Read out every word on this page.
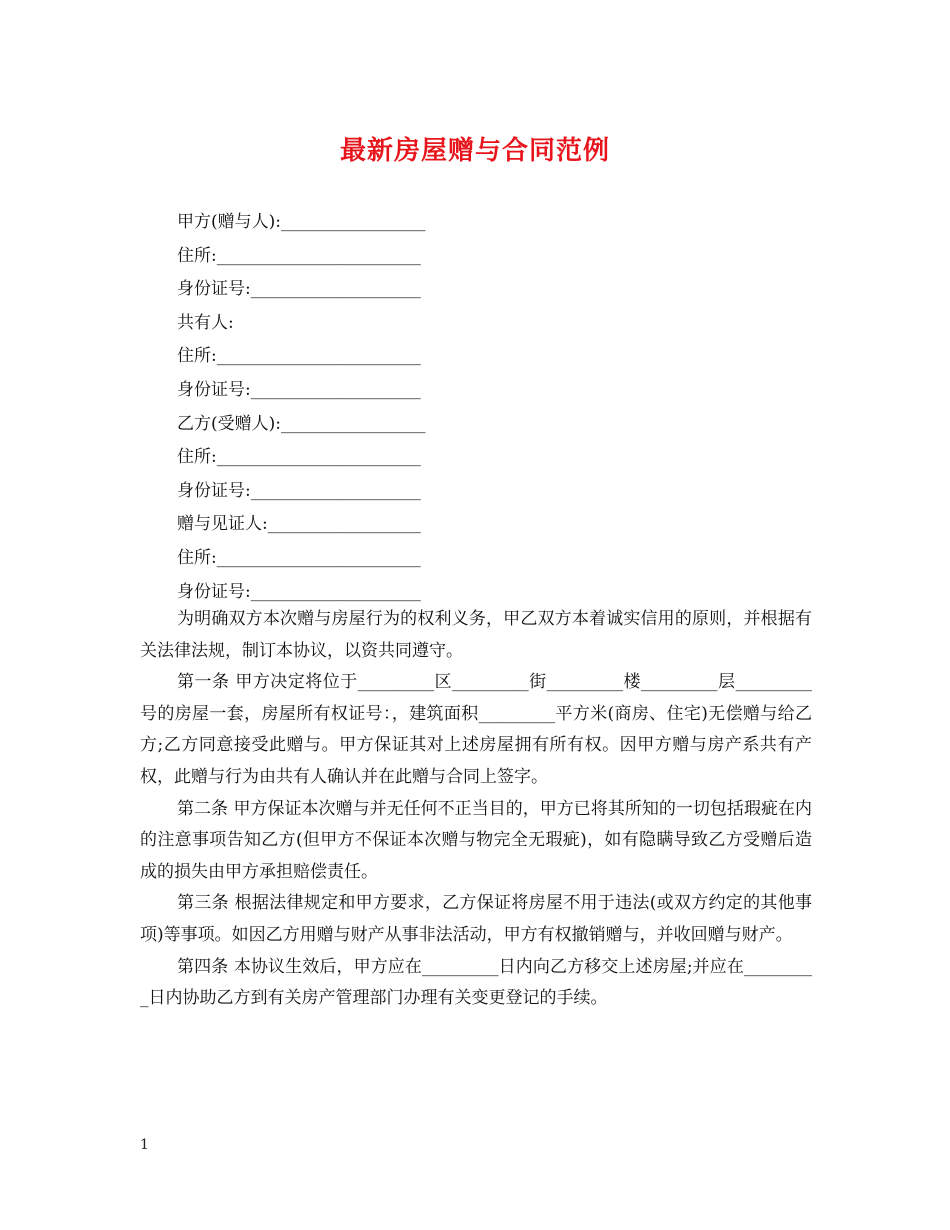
最新房屋赠与合同范例
甲方(赠与人):_________________
住所:________________________
身份证号:____________________
共有人:
住所:________________________
身份证号:____________________
乙方(受赠人):_________________
住所:________________________
身份证号:____________________
赠与见证人:__________________
住所:________________________
身份证号:____________________

为明确双方本次赠与房屋行为的权利义务，甲乙双方本着诚实信用的原则，并根据有关法律法规，制订本协议，以资共同遵守。

第一条 甲方决定将位于_________区_________街_________楼_________层_________号的房屋一套，房屋所有权证号：，建筑面积_________平方米(商房、住宅)无偿赠与给乙方;乙方同意接受此赠与。甲方保证其对上述房屋拥有所有权。因甲方赠与房产系共有产权，此赠与行为由共有人确认并在此赠与合同上签字。

第二条 甲方保证本次赠与并无任何不正当目的，甲方已将其所知的一切包括瑕疵在内的注意事项告知乙方(但甲方不保证本次赠与物完全无瑕疵)，如有隐瞒导致乙方受赠后造成的损失由甲方承担赔偿责任。

第三条 根据法律规定和甲方要求，乙方保证将房屋不用于违法(或双方约定的其他事项)等事项。如因乙方用赠与财产从事非法活动，甲方有权撤销赠与，并收回赠与财产。

第四条 本协议生效后，甲方应在_________日内向乙方移交上述房屋;并应在_________日内协助乙方到有关房产管理部门办理有关变更登记的手续。

1
